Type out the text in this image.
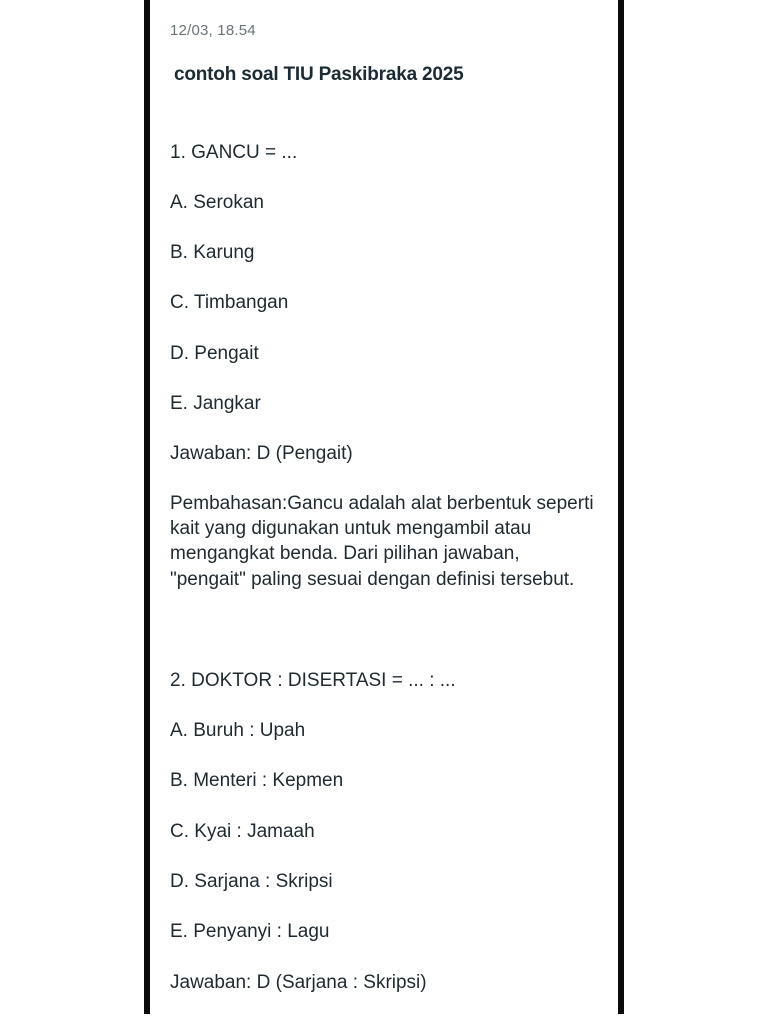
12/03, 18.54
contoh soal TIU Paskibraka 2025
1. GANCU = ...
A. Serokan
B. Karung
C. Timbangan
D. Pengait
E. Jangkar
Jawaban: D (Pengait)
Pembahasan:Gancu adalah alat berbentuk seperti kait yang digunakan untuk mengambil atau mengangkat benda. Dari pilihan jawaban, "pengait" paling sesuai dengan definisi tersebut.
2. DOKTOR : DISERTASI = ... : ...
A. Buruh : Upah
B. Menteri : Kepmen
C. Kyai : Jamaah
D. Sarjana : Skripsi
E. Penyanyi : Lagu
Jawaban: D (Sarjana : Skripsi)
